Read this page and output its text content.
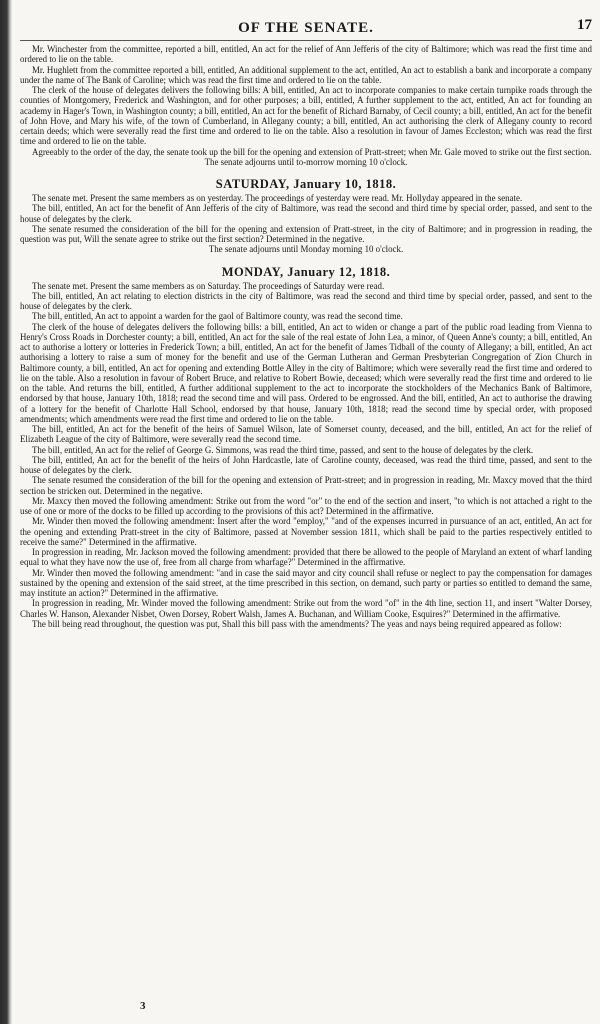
OF THE SENATE.	17

Mr. Winchester from the committee, reported a bill, entitled, An act for the relief of Ann Jefferis of the city of Baltimore; which was read the first time and ordered to lie on the table.

Mr. Hughlett from the committee reported a bill, entitled, An additional supplement to the act, entitled, An act to establish a bank and incorporate a company under the name of The Bank of Caroline; which was read the first time and ordered to lie on the table.

The clerk of the house of delegates delivers the following bills: A bill, entitled, An act to incorporate companies to make certain turnpike roads through the counties of Montgomery, Frederick and Washington, and for other purposes; a bill, entitled, A further supplement to the act, entitled, An act for founding an academy in Hager's Town, in Washington county; a bill, entitled, An act for the benefit of Richard Barnaby, of Cecil county; a bill, entitled, An act for the benefit of John Hove, and Mary his wife, of the town of Cumberland, in Allegany county; a bill, entitled, An act authorising the clerk of Allegany county to record certain deeds; which were severally read the first time and ordered to lie on the table. Also a resolution in favour of James Eccleston; which was read the first time and ordered to lie on the table.

Agreeably to the order of the day, the senate took up the bill for the opening and extension of Pratt-street; when Mr. Gale moved to strike out the first section.

The senate adjourns until to-morrow morning 10 o'clock.

SATURDAY, January 10, 1818.

The senate met. Present the same members as on yesterday. The proceedings of yesterday were read. Mr. Hollyday appeared in the senate.

The bill, entitled, An act for the benefit of Ann Jefferis of the city of Baltimore, was read the second and third time by special order, passed, and sent to the house of delegates by the clerk.

The senate resumed the consideration of the bill for the opening and extension of Pratt-street, in the city of Baltimore; and in progression in reading, the question was put, Will the senate agree to strike out the first section? Determined in the negative.

The senate adjourns until Monday morning 10 o'clock.

MONDAY, January 12, 1818.

The senate met. Present the same members as on Saturday. The proceedings of Saturday were read.

The bill, entitled, An act relating to election districts in the city of Baltimore, was read the second and third time by special order, passed, and sent to the house of delegates by the clerk.

The bill, entitled, An act to appoint a warden for the gaol of Baltimore county, was read the second time.

The clerk of the house of delegates delivers the following bills: a bill, entitled, An act to widen or change a part of the public road leading from Vienna to Henry's Cross Roads in Dorchester county; a bill, entitled, An act for the sale of the real estate of John Lea, a minor, of Queen Anne's county; a bill, entitled, An act to authorise a lottery or lotteries in Frederick Town; a bill, entitled, An act for the benefit of James Tidball of the county of Allegany; a bill, entitled, An act authorising a lottery to raise a sum of money for the benefit and use of the German Lutheran and German Presbyterian Congregation of Zion Church in Baltimore county, a bill, entitled, An act for opening and extending Bottle Alley in the city of Baltimore; which were severally read the first time and ordered to lie on the table. Also a resolution in favour of Robert Bruce, and relative to Robert Bowie, deceased; which were severally read the first time and ordered to lie on the table. And returns the bill, entitled, A further additional supplement to the act to incorporate the stockholders of the Mechanics Bank of Baltimore, endorsed by that house, January 10th, 1818; read the second time and will pass. Ordered to be engrossed. And the bill, entitled, An act to authorise the drawing of a lottery for the benefit of Charlotte Hall School, endorsed by that house, January 10th, 1818; read the second time by special order, with proposed amendments; which amendments were read the first time and ordered to lie on the table.

The bill, entitled, An act for the benefit of the heirs of Samuel Wilson, late of Somerset county, deceased, and the bill, entitled, An act for the relief of Elizabeth League of the city of Baltimore, were severally read the second time.

The bill, entitled, An act for the relief of George G. Simmons, was read the third time, passed, and sent to the house of delegates by the clerk.

The bill, entitled, An act for the benefit of the heirs of John Hardcastle, late of Caroline county, deceased, was read the third time, passed, and sent to the house of delegates by the clerk.

The senate resumed the consideration of the bill for the opening and extension of Pratt-street; and in progression in reading, Mr. Maxcy moved that the third section be stricken out. Determined in the negative.

Mr. Maxcy then moved the following amendment: Strike out from the word "or" to the end of the section and insert, "to which is not attached a right to the use of one or more of the docks to be filled up according to the provisions of this act? Determined in the affirmative.

Mr. Winder then moved the following amendment: Insert after the word "employ," "and of the expenses incurred in pursuance of an act, entitled, An act for the opening and extending Pratt-street in the city of Baltimore, passed at November session 1811, which shall be paid to the parties respectively entitled to receive the same?" Determined in the affirmative.

In progression in reading, Mr. Jackson moved the following amendment: provided that there be allowed to the people of Maryland an extent of wharf landing equal to what they have now the use of, free from all charge from wharfage?" Determined in the affirmative.

Mr. Winder then moved the following amendment: "and in case the said mayor and city council shall refuse or neglect to pay the compensation for damages sustained by the opening and extension of the said street, at the time prescribed in this section, on demand, such party or parties so entitled to demand the same, may institute an action?" Determined in the affirmative.

In progression in reading, Mr. Winder moved the following amendment: Strike out from the word "of" in the 4th line, section 11, and insert "Walter Dorsey, Charles W. Hanson, Alexander Nisbet, Owen Dorsey, Robert Walsh, James A. Buchanan, and William Cooke, Esquires?" Determined in the affirmative.

The bill being read throughout, the question was put, Shall this bill pass with the amendments? The yeas and nays being required appeared as follow:

3
